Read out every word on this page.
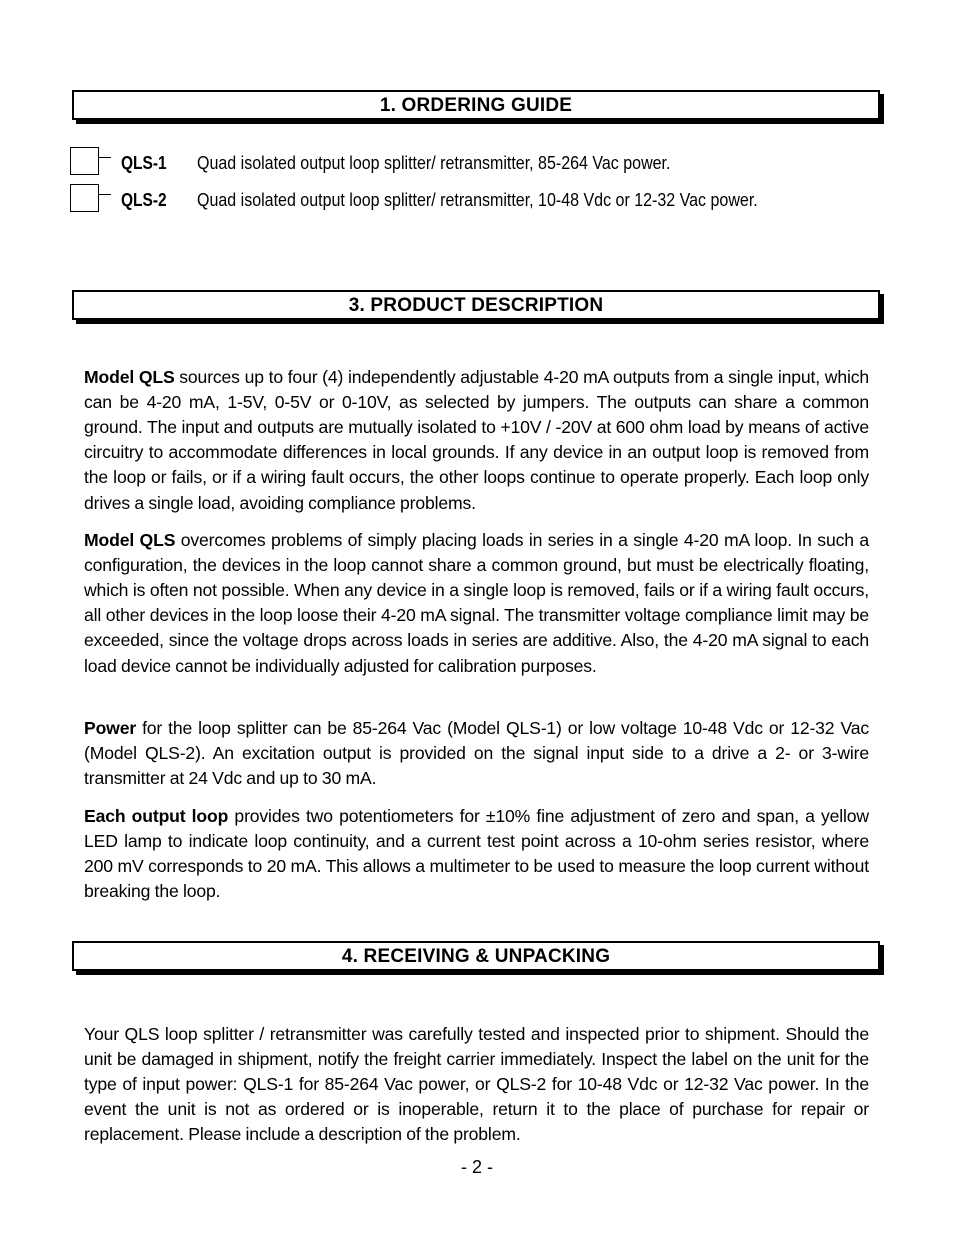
1. ORDERING GUIDE
QLS-1 Quad isolated output loop splitter/ retransmitter, 85-264 Vac power.
QLS-2 Quad isolated output loop splitter/ retransmitter, 10-48 Vdc or 12-32 Vac power.
3. PRODUCT DESCRIPTION

Model QLS sources up to four (4) independently adjustable 4-20 mA outputs from a single input, which can be 4-20 mA, 1-5V, 0-5V or 0-10V, as selected by jumpers. The outputs can share a common ground. The input and outputs are mutually isolated to +10V / -20V at 600 ohm load by means of active circuitry to accommodate differences in local grounds. If any device in an output loop is removed from the loop or fails, or if a wiring fault occurs, the other loops continue to operate properly. Each loop only drives a single load, avoiding compliance problems.

Model QLS overcomes problems of simply placing loads in series in a single 4-20 mA loop. In such a configuration, the devices in the loop cannot share a common ground, but must be electrically floating, which is often not possible. When any device in a single loop is removed, fails or if a wiring fault occurs, all other devices in the loop loose their 4-20 mA signal. The transmitter voltage compliance limit may be exceeded, since the voltage drops across loads in series are additive. Also, the 4-20 mA signal to each load device cannot be individually adjusted for calibration purposes.

Power for the loop splitter can be 85-264 Vac (Model QLS-1) or low voltage 10-48 Vdc or 12-32 Vac (Model QLS-2). An excitation output is provided on the signal input side to a drive a 2- or 3-wire transmitter at 24 Vdc and up to 30 mA.

Each output loop provides two potentiometers for ±10% fine adjustment of zero and span, a yellow LED lamp to indicate loop continuity, and a current test point across a 10-ohm series resistor, where 200 mV corresponds to 20 mA. This allows a multimeter to be used to measure the loop current without breaking the loop.

4. RECEIVING & UNPACKING

Your QLS loop splitter / retransmitter was carefully tested and inspected prior to shipment. Should the unit be damaged in shipment, notify the freight carrier immediately. Inspect the label on the unit for the type of input power: QLS-1 for 85-264 Vac power, or QLS-2 for 10-48 Vdc or 12-32 Vac power. In the event the unit is not as ordered or is inoperable, return it to the place of purchase for repair or replacement. Please include a description of the problem.

- 2 -
